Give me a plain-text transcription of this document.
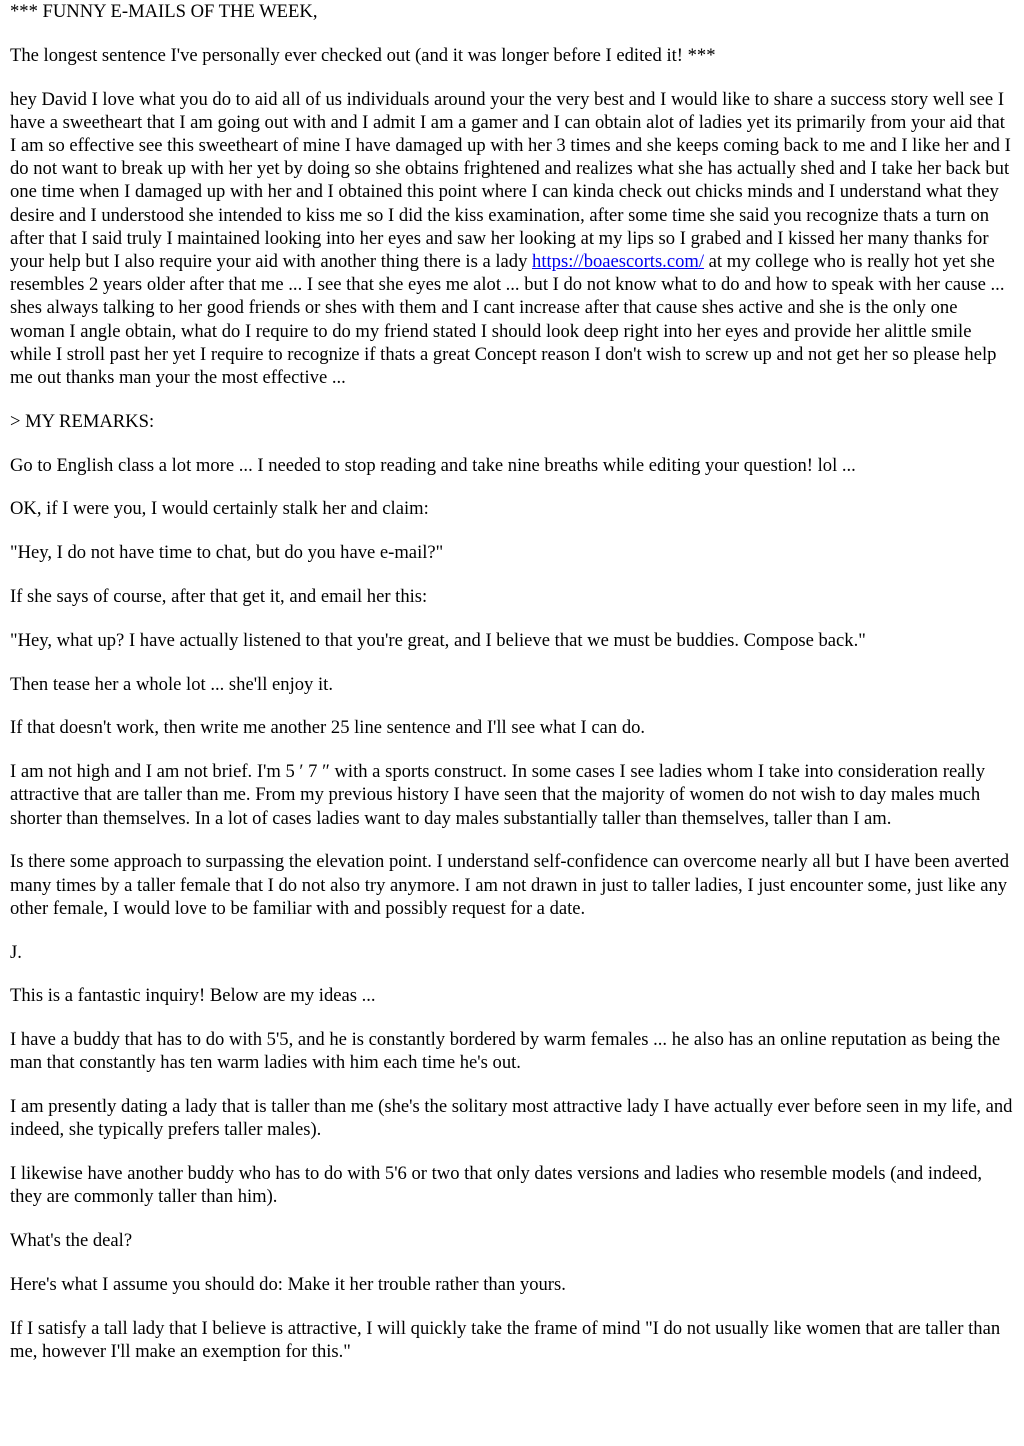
*** FUNNY E-MAILS OF THE WEEK,

The longest sentence I've personally ever checked out (and it was longer before I edited it! ***

hey David I love what you do to aid all of us individuals around your the very best and I would like to share a success story well see I have a sweetheart that I am going out with and I admit I am a gamer and I can obtain alot of ladies yet its primarily from your aid that I am so effective see this sweetheart of mine I have damaged up with her 3 times and she keeps coming back to me and I like her and I do not want to break up with her yet by doing so she obtains frightened and realizes what she has actually shed and I take her back but one time when I damaged up with her and I obtained this point where I can kinda check out chicks minds and I understand what they desire and I understood she intended to kiss me so I did the kiss examination, after some time she said you recognize thats a turn on after that I said truly I maintained looking into her eyes and saw her looking at my lips so I grabed and I kissed her many thanks for your help but I also require your aid with another thing there is a lady https://boaescorts.com/ at my college who is really hot yet she resembles 2 years older after that me ... I see that she eyes me alot ... but I do not know what to do and how to speak with her cause ... shes always talking to her good friends or shes with them and I cant increase after that cause shes active and she is the only one woman I angle obtain, what do I require to do my friend stated I should look deep right into her eyes and provide her alittle smile while I stroll past her yet I require to recognize if thats a great Concept reason I don't wish to screw up and not get her so please help me out thanks man your the most effective ...

> MY REMARKS:

Go to English class a lot more ... I needed to stop reading and take nine breaths while editing your question! lol ...

OK, if I were you, I would certainly stalk her and claim:

"Hey, I do not have time to chat, but do you have e-mail?"

If she says of course, after that get it, and email her this:

"Hey, what up? I have actually listened to that you're great, and I believe that we must be buddies. Compose back."

Then tease her a whole lot ... she'll enjoy it.

If that doesn't work, then write me another 25 line sentence and I'll see what I can do.

I am not high and I am not brief. I'm 5 ′ 7 ″ with a sports construct. In some cases I see ladies whom I take into consideration really attractive that are taller than me. From my previous history I have seen that the majority of women do not wish to day males much shorter than themselves. In a lot of cases ladies want to day males substantially taller than themselves, taller than I am.

Is there some approach to surpassing the elevation point. I understand self-confidence can overcome nearly all but I have been averted many times by a taller female that I do not also try anymore. I am not drawn in just to taller ladies, I just encounter some, just like any other female, I would love to be familiar with and possibly request for a date.

J.

This is a fantastic inquiry! Below are my ideas ...

I have a buddy that has to do with 5'5, and he is constantly bordered by warm females ... he also has an online reputation as being the man that constantly has ten warm ladies with him each time he's out.

I am presently dating a lady that is taller than me (she's the solitary most attractive lady I have actually ever before seen in my life, and indeed, she typically prefers taller males).

I likewise have another buddy who has to do with 5'6 or two that only dates versions and ladies who resemble models (and indeed, they are commonly taller than him).

What's the deal?

Here's what I assume you should do: Make it her trouble rather than yours.

If I satisfy a tall lady that I believe is attractive, I will quickly take the frame of mind "I do not usually like women that are taller than me, however I'll make an exemption for this."
